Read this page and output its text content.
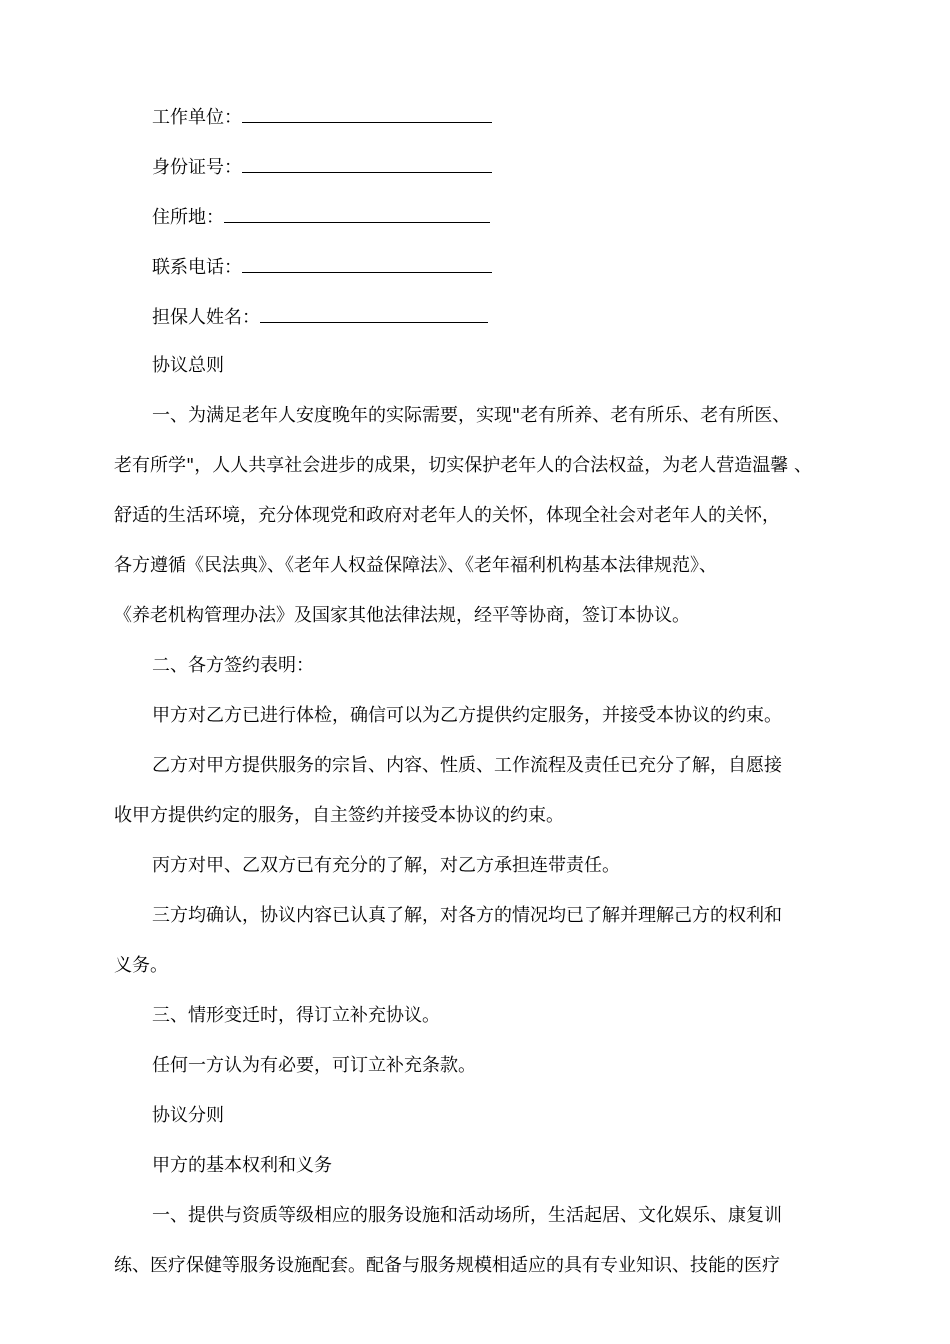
工作单位：
身份证号：
住所地：
联系电话：
担保人姓名：
协议总则
一、为满足老年人安度晚年的实际需要，实现"老有所养、老有所乐、老有所医、
老有所学"，人人共享社会进步的成果，切实保护老年人的合法权益，为老人营造温馨 、
舒适的生活环境，充分体现党和政府对老年人的关怀，体现全社会对老年人的关怀，
各方遵循《民法典》、《老年人权益保障法》、《老年福利机构基本法律规范》、
《养老机构管理办法》及国家其他法律法规，经平等协商，签订本协议。
二、各方签约表明：
甲方对乙方已进行体检，确信可以为乙方提供约定服务，并接受本协议的约束。
乙方对甲方提供服务的宗旨、内容、性质、工作流程及责任已充分了解，自愿接
收甲方提供约定的服务，自主签约并接受本协议的约束。
丙方对甲、乙双方已有充分的了解，对乙方承担连带责任。
三方均确认，协议内容已认真了解，对各方的情况均已了解并理解己方的权利和
义务。
三、情形变迁时，得订立补充协议。
任何一方认为有必要，可订立补充条款。
协议分则
甲方的基本权利和义务
一、提供与资质等级相应的服务设施和活动场所，生活起居、文化娱乐、康复训
练、医疗保健等服务设施配套。配备与服务规模相适应的具有专业知识、技能的医疗
